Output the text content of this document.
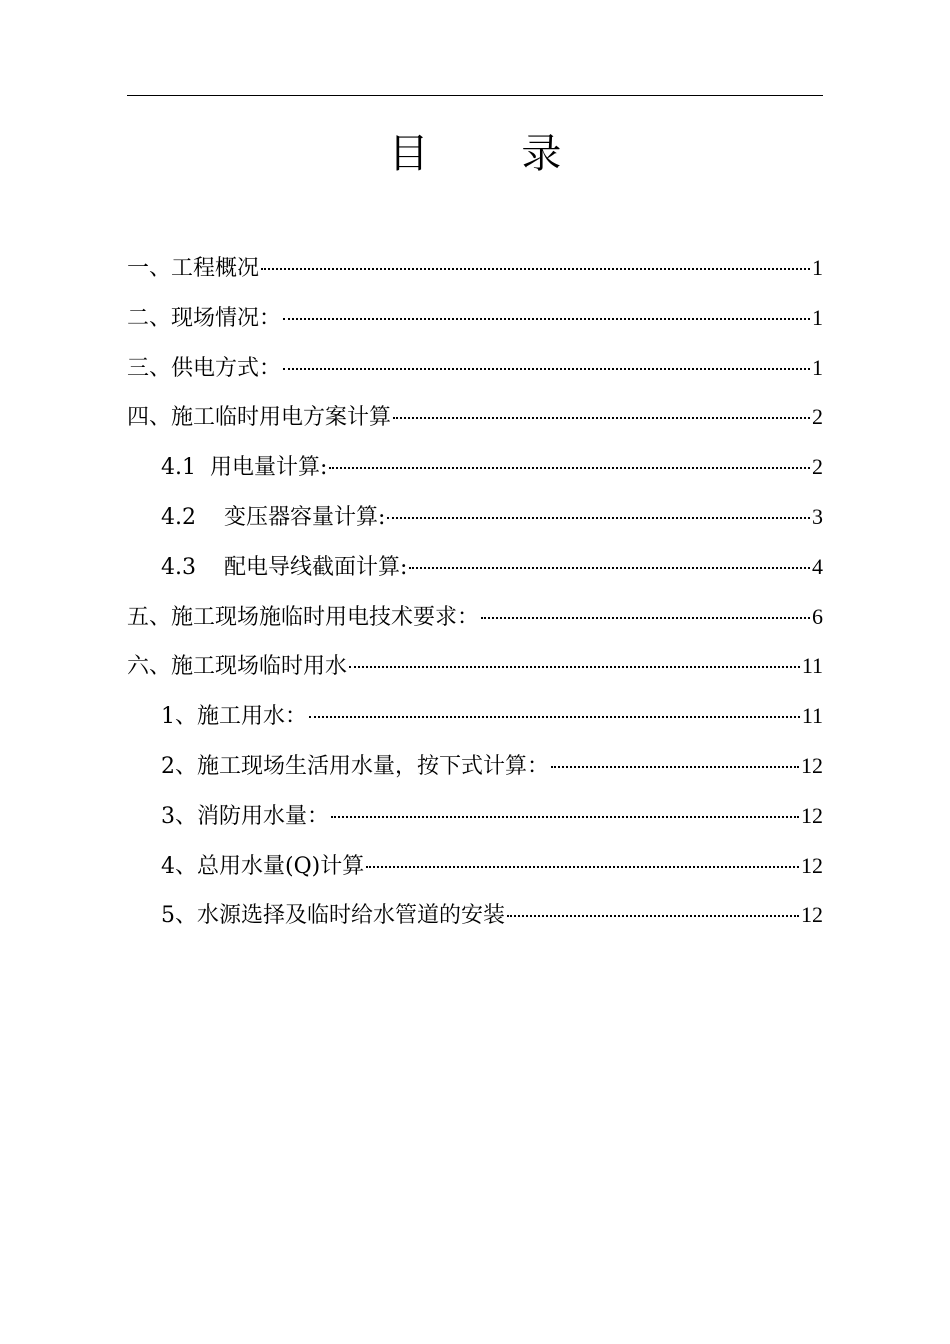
目 录
一、工程概况	1
二、现场情况：	1
三、供电方式：	1
四、施工临时用电方案计算	2
4.1  用电量计算:	2
4.2    变压器容量计算:	3
4.3    配电导线截面计算:	4
五、施工现场施临时用电技术要求：	6
六、施工现场临时用水	11
1、施工用水：	11
2、施工现场生活用水量，按下式计算：	12
3、消防用水量：	12
4、总用水量(Q)计算	12
5、水源选择及临时给水管道的安装	12
